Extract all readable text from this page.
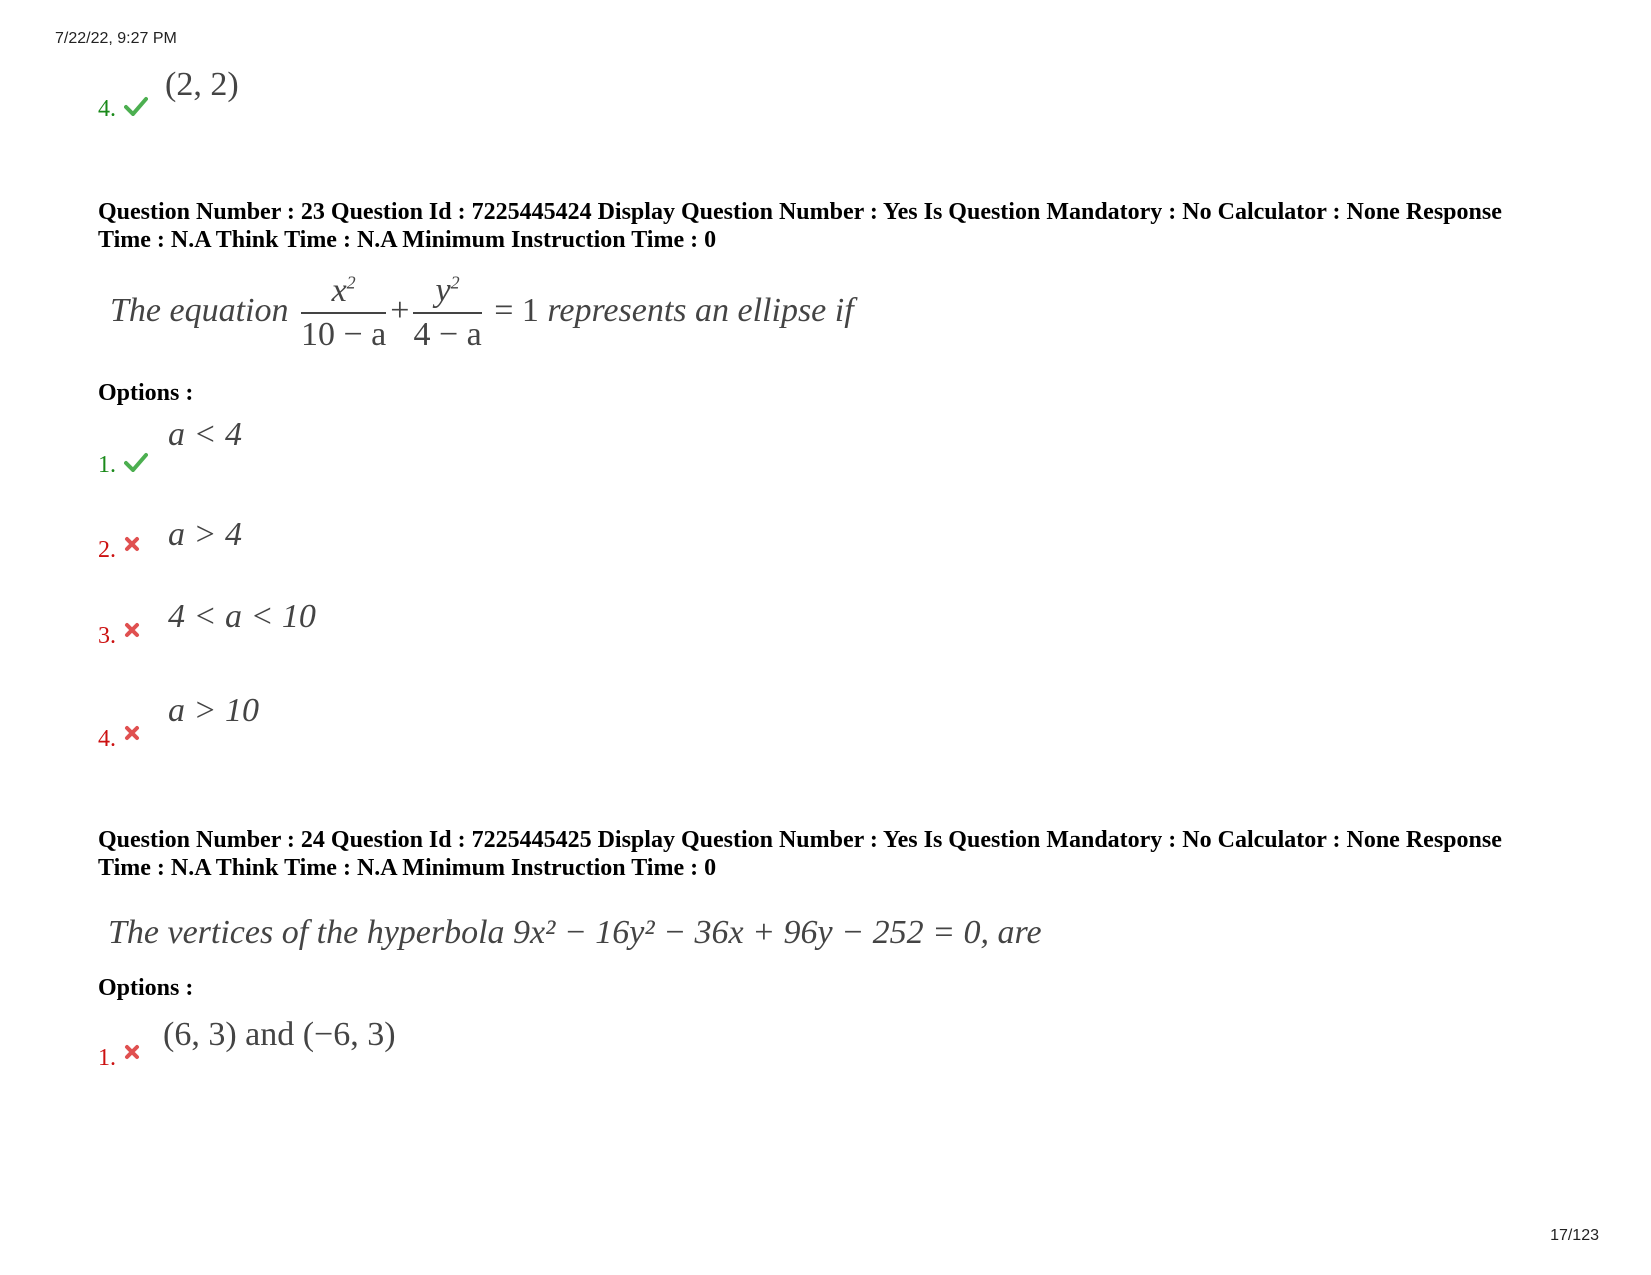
7/22/22, 9:27 PM
4.
(2, 2)
Question Number : 23 Question Id : 7225445424 Display Question Number : Yes Is Question Mandatory : No Calculator : None Response
Time : N.A Think Time : N.A Minimum Instruction Time : 0
The equation $\frac{x^2}{10 - a} + \frac{y^2}{4 - a} = 1$ represents an ellipse if
Options :
1.
a < 4
2. a > 4
3.
4 < a < 10
4.
a > 10
Question Number : 24 Question Id : 7225445425 Display Question Number : Yes Is Question Mandatory : No Calculator : None Response
Time : N.A Think Time : N.A Minimum Instruction Time : 0
The vertices of the hyperbola 9x² − 16y² − 36x + 96y − 252 = 0, are
Options :
1.
(6, 3) and (−6, 3)
17/123
